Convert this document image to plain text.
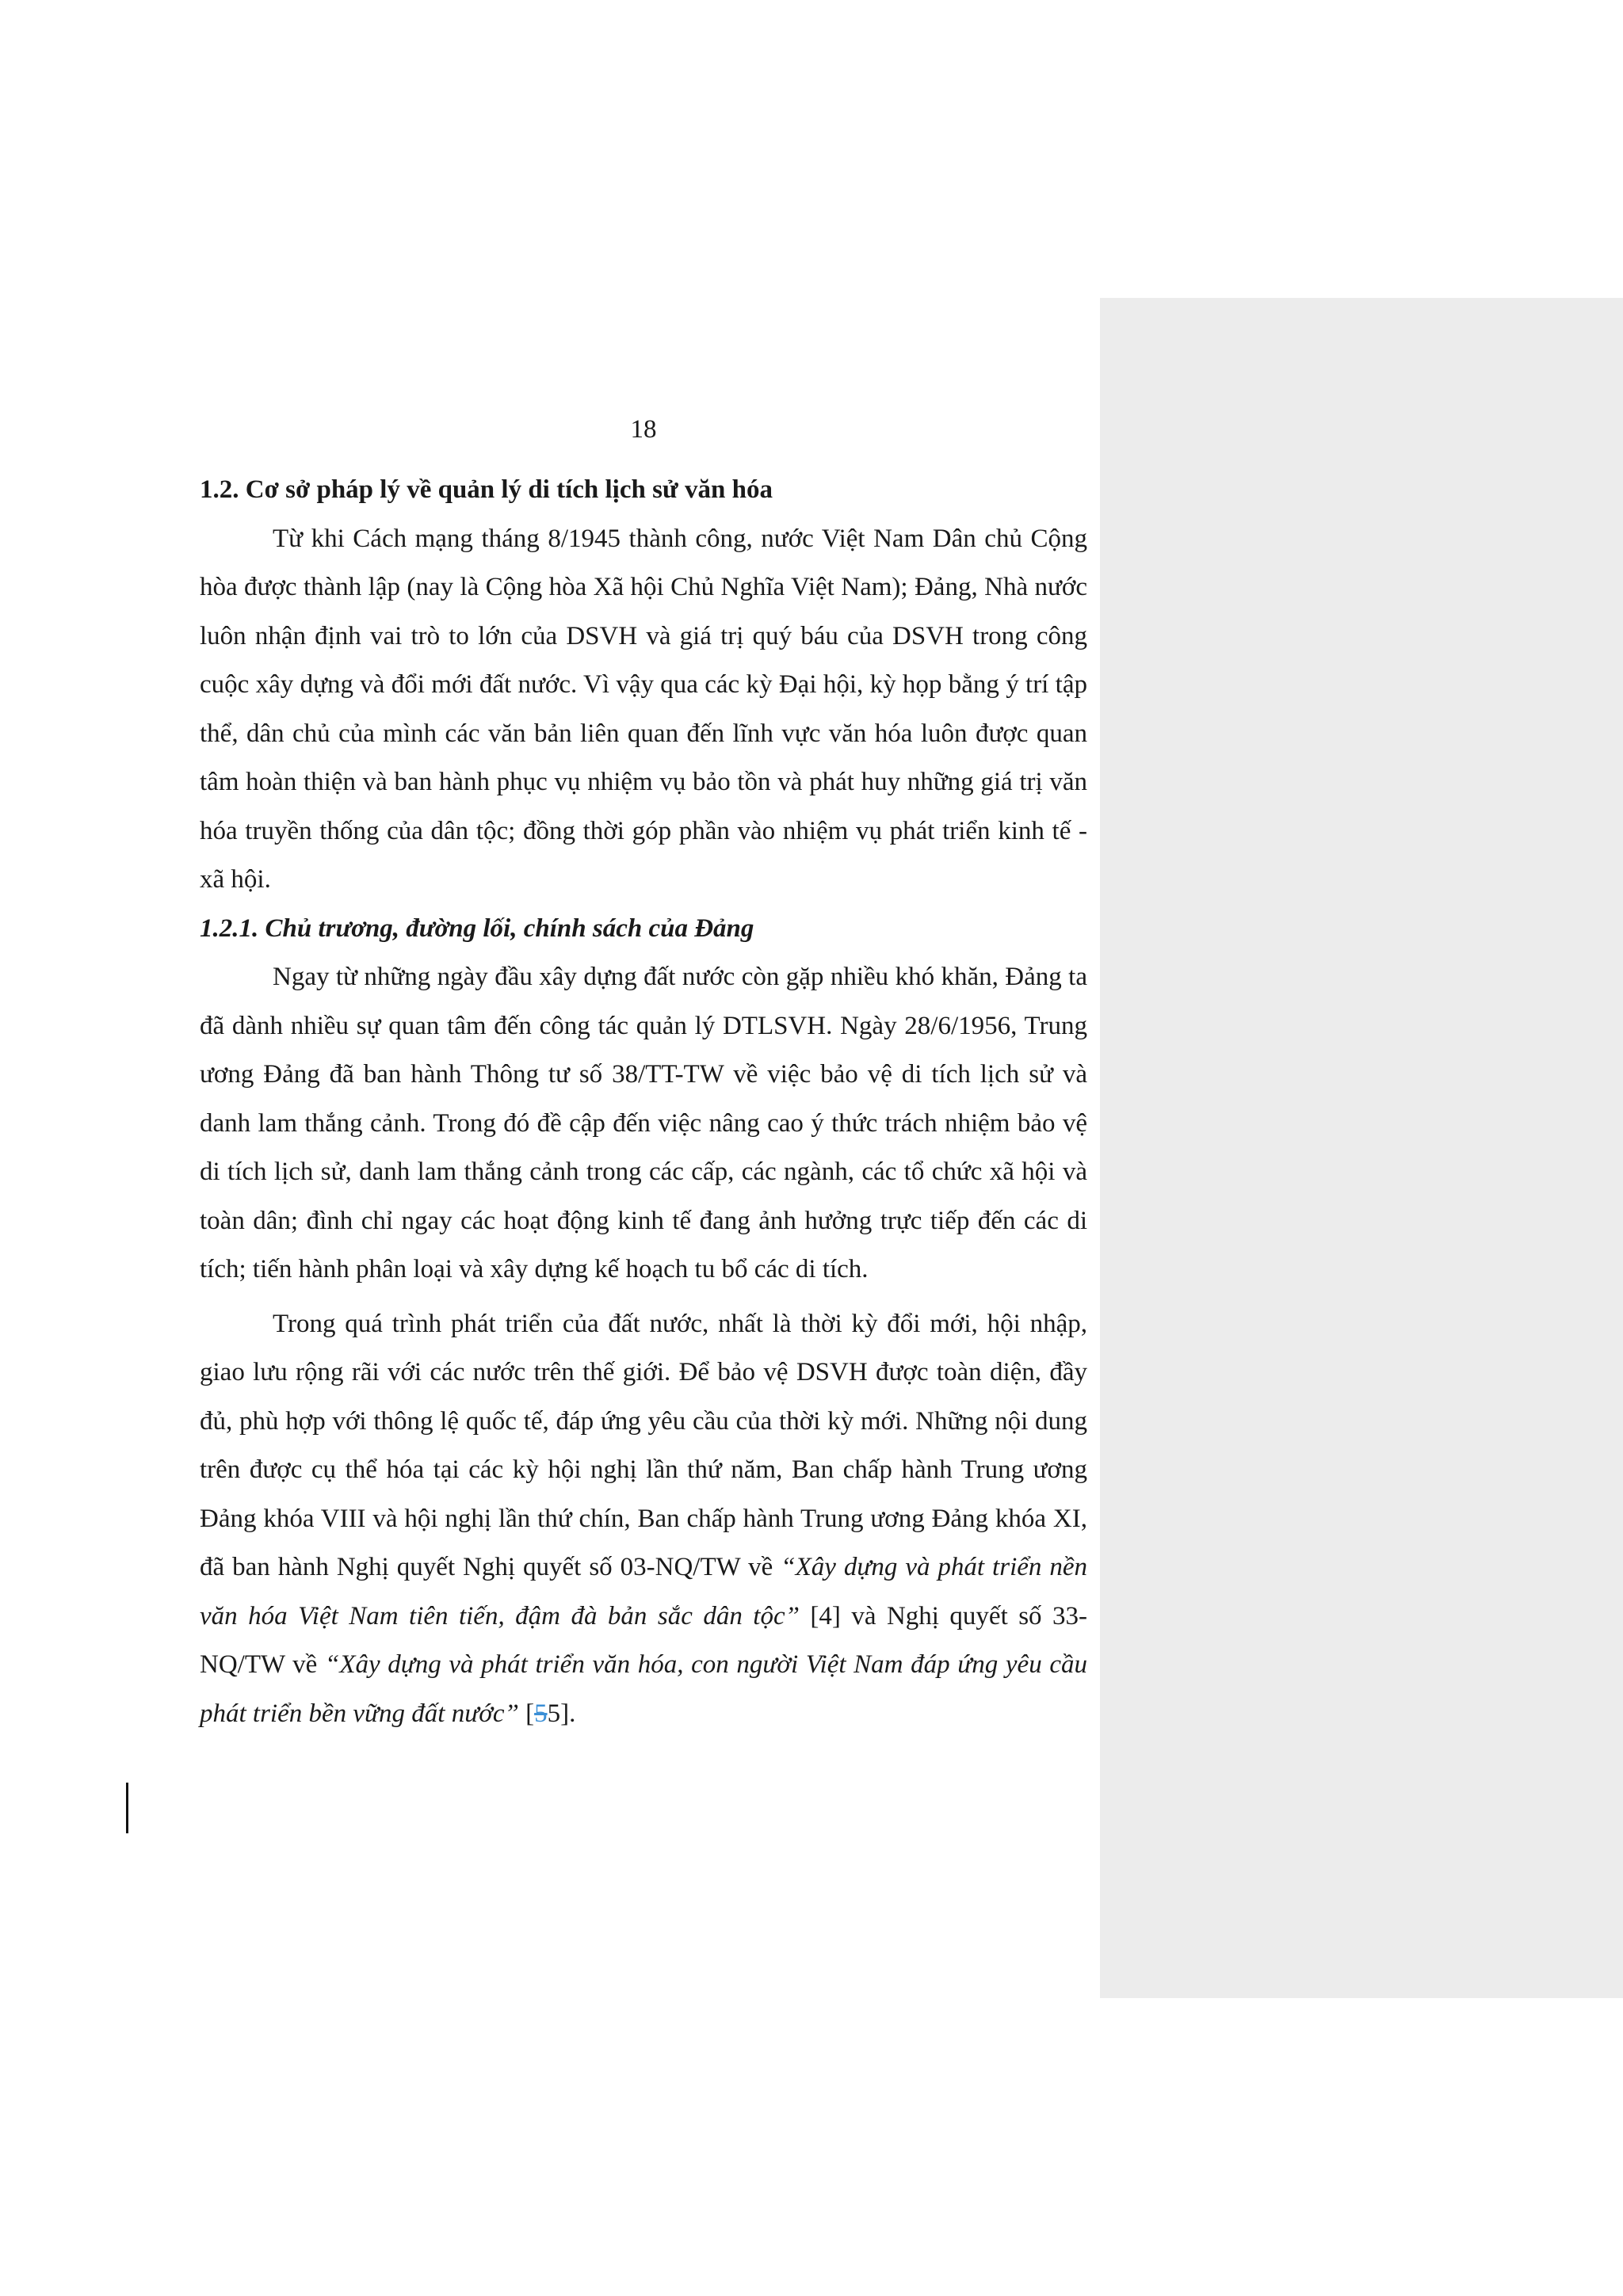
18

1.2. Cơ sở pháp lý về quản lý di tích lịch sử văn hóa

Từ khi Cách mạng tháng 8/1945 thành công, nước Việt Nam Dân chủ Cộng hòa được thành lập (nay là Cộng hòa Xã hội Chủ Nghĩa Việt Nam); Đảng, Nhà nước luôn nhận định vai trò to lớn của DSVH và giá trị quý báu của DSVH trong công cuộc xây dựng và đổi mới đất nước. Vì vậy qua các kỳ Đại hội, kỳ họp bằng ý trí tập thể, dân chủ của mình các văn bản liên quan đến lĩnh vực văn hóa luôn được quan tâm hoàn thiện và ban hành phục vụ nhiệm vụ bảo tồn và phát huy những giá trị văn hóa truyền thống của dân tộc; đồng thời góp phần vào nhiệm vụ phát triển kinh tế - xã hội.

1.2.1. Chủ trương, đường lối, chính sách của Đảng

Ngay từ những ngày đầu xây dựng đất nước còn gặp nhiều khó khăn, Đảng ta đã dành nhiều sự quan tâm đến công tác quản lý DTLSVH. Ngày 28/6/1956, Trung ương Đảng đã ban hành Thông tư số 38/TT-TW về việc bảo vệ di tích lịch sử và danh lam thắng cảnh. Trong đó đề cập đến việc nâng cao ý thức trách nhiệm bảo vệ di tích lịch sử, danh lam thắng cảnh trong các cấp, các ngành, các tổ chức xã hội và toàn dân; đình chỉ ngay các hoạt động kinh tế đang ảnh hưởng trực tiếp đến các di tích; tiến hành phân loại và xây dựng kế hoạch tu bổ các di tích.

Trong quá trình phát triển của đất nước, nhất là thời kỳ đổi mới, hội nhập, giao lưu rộng rãi với các nước trên thế giới. Để bảo vệ DSVH được toàn diện, đầy đủ, phù hợp với thông lệ quốc tế, đáp ứng yêu cầu của thời kỳ mới. Những nội dung trên được cụ thể hóa tại các kỳ hội nghị lần thứ năm, Ban chấp hành Trung ương Đảng khóa VIII và hội nghị lần thứ chín, Ban chấp hành Trung ương Đảng khóa XI, đã ban hành Nghị quyết Nghị quyết số 03-NQ/TW về “Xây dựng và phát triển nền văn hóa Việt Nam tiên tiến, đậm đà bản sắc dân tộc” [4] và Nghị quyết số 33-NQ/TW về “Xây dựng và phát triển văn hóa, con người Việt Nam đáp ứng yêu cầu phát triển bền vững đất nước” [55].
